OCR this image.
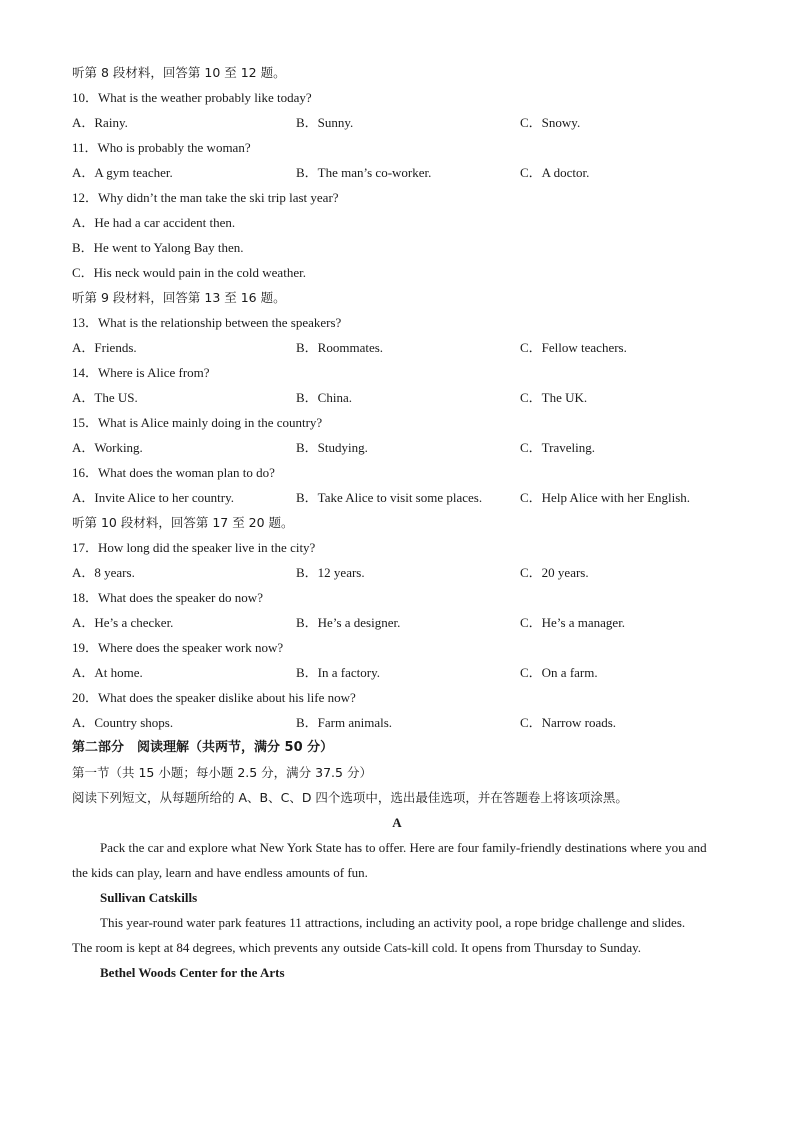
听第 8 段材料，回答第 10 至 12 题。
10．What is the weather probably like today?
A．Rainy.	B．Sunny.	C．Snowy.
11．Who is probably the woman?
A．A gym teacher.	B．The man’s co-worker.	C．A doctor.
12．Why didn’t the man take the ski trip last year?
A．He had a car accident then.
B．He went to Yalong Bay then.
C．His neck would pain in the cold weather.
听第 9 段材料，回答第 13 至 16 题。
13．What is the relationship between the speakers?
A．Friends.	B．Roommates.	C．Fellow teachers.
14．Where is Alice from?
A．The US.	B．China.	C．The UK.
15．What is Alice mainly doing in the country?
A．Working.	B．Studying.	C．Traveling.
16．What does the woman plan to do?
A．Invite Alice to her country.	B．Take Alice to visit some places.	C．Help Alice with her English.
听第 10 段材料，回答第 17 至 20 题。
17．How long did the speaker live in the city?
A．8 years.	B．12 years.	C．20 years.
18．What does the speaker do now?
A．He’s a checker.	B．He’s a designer.	C．He’s a manager.
19．Where does the speaker work now?
A．At home.	B．In a factory.	C．On a farm.
20．What does the speaker dislike about his life now?
A．Country shops.	B．Farm animals.	C．Narrow roads.
第二部分　阅读理解（共两节，满分 50 分）
第一节（共 15 小题；每小题 2.5 分，满分 37.5 分）
阅读下列短文，从每题所给的 A、B、C、D 四个选项中，选出最佳选项，并在答题卷上将该项涂黑。
A
Pack the car and explore what New York State has to offer. Here are four family-friendly destinations where you and the kids can play, learn and have endless amounts of fun.
Sullivan Catskills
This year-round water park features 11 attractions, including an activity pool, a rope bridge challenge and slides. The room is kept at 84 degrees, which prevents any outside Cats-kill cold. It opens from Thursday to Sunday.
Bethel Woods Center for the Arts
